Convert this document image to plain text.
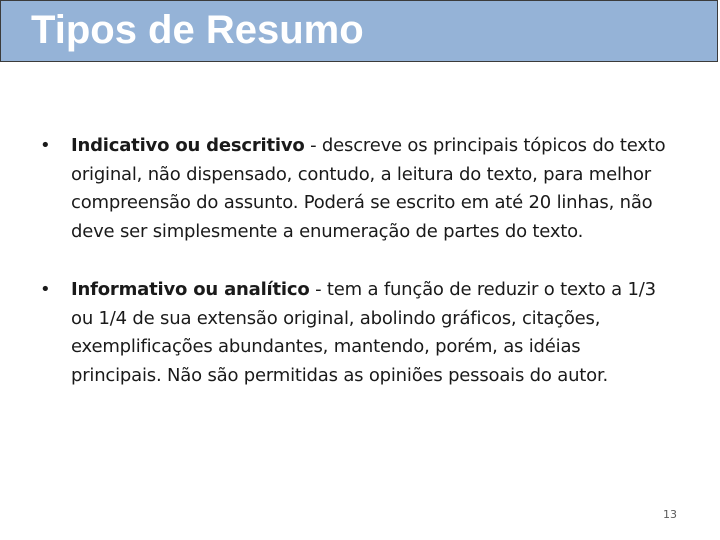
Tipos de Resumo
•	Indicativo ou descritivo - descreve os principais tópicos do texto original, não dispensado, contudo, a leitura do texto, para melhor compreensão do assunto. Poderá se escrito em até 20 linhas, não deve ser simplesmente a enumeração de partes do texto.
•	Informativo ou analítico - tem a função de reduzir o texto a 1/3 ou 1/4 de sua extensão original, abolindo gráficos, citações, exemplificações abundantes, mantendo, porém, as idéias principais. Não são permitidas as opiniões pessoais do autor.
13
